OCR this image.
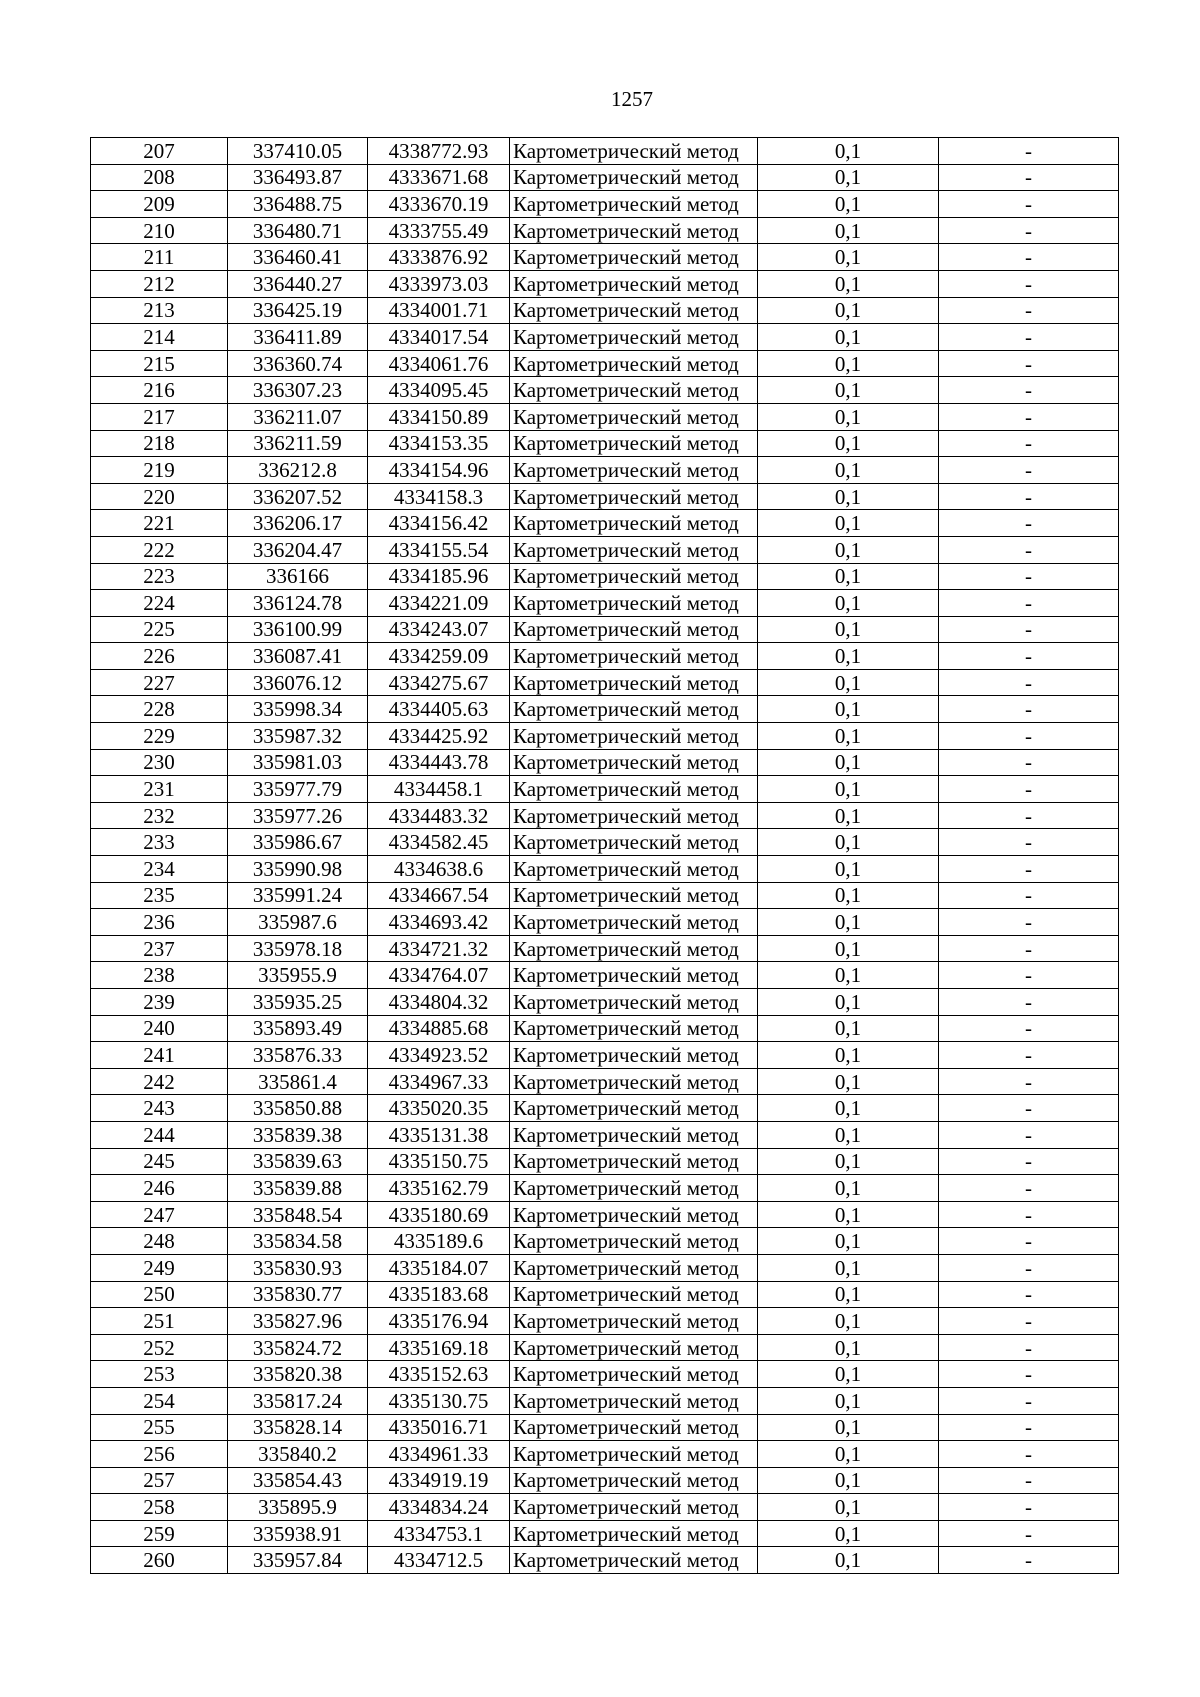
1257
207	337410.05	4338772.93	Картометрический метод	0,1	-
208	336493.87	4333671.68	Картометрический метод	0,1	-
209	336488.75	4333670.19	Картометрический метод	0,1	-
210	336480.71	4333755.49	Картометрический метод	0,1	-
211	336460.41	4333876.92	Картометрический метод	0,1	-
212	336440.27	4333973.03	Картометрический метод	0,1	-
213	336425.19	4334001.71	Картометрический метод	0,1	-
214	336411.89	4334017.54	Картометрический метод	0,1	-
215	336360.74	4334061.76	Картометрический метод	0,1	-
216	336307.23	4334095.45	Картометрический метод	0,1	-
217	336211.07	4334150.89	Картометрический метод	0,1	-
218	336211.59	4334153.35	Картометрический метод	0,1	-
219	336212.8	4334154.96	Картометрический метод	0,1	-
220	336207.52	4334158.3	Картометрический метод	0,1	-
221	336206.17	4334156.42	Картометрический метод	0,1	-
222	336204.47	4334155.54	Картометрический метод	0,1	-
223	336166	4334185.96	Картометрический метод	0,1	-
224	336124.78	4334221.09	Картометрический метод	0,1	-
225	336100.99	4334243.07	Картометрический метод	0,1	-
226	336087.41	4334259.09	Картометрический метод	0,1	-
227	336076.12	4334275.67	Картометрический метод	0,1	-
228	335998.34	4334405.63	Картометрический метод	0,1	-
229	335987.32	4334425.92	Картометрический метод	0,1	-
230	335981.03	4334443.78	Картометрический метод	0,1	-
231	335977.79	4334458.1	Картометрический метод	0,1	-
232	335977.26	4334483.32	Картометрический метод	0,1	-
233	335986.67	4334582.45	Картометрический метод	0,1	-
234	335990.98	4334638.6	Картометрический метод	0,1	-
235	335991.24	4334667.54	Картометрический метод	0,1	-
236	335987.6	4334693.42	Картометрический метод	0,1	-
237	335978.18	4334721.32	Картометрический метод	0,1	-
238	335955.9	4334764.07	Картометрический метод	0,1	-
239	335935.25	4334804.32	Картометрический метод	0,1	-
240	335893.49	4334885.68	Картометрический метод	0,1	-
241	335876.33	4334923.52	Картометрический метод	0,1	-
242	335861.4	4334967.33	Картометрический метод	0,1	-
243	335850.88	4335020.35	Картометрический метод	0,1	-
244	335839.38	4335131.38	Картометрический метод	0,1	-
245	335839.63	4335150.75	Картометрический метод	0,1	-
246	335839.88	4335162.79	Картометрический метод	0,1	-
247	335848.54	4335180.69	Картометрический метод	0,1	-
248	335834.58	4335189.6	Картометрический метод	0,1	-
249	335830.93	4335184.07	Картометрический метод	0,1	-
250	335830.77	4335183.68	Картометрический метод	0,1	-
251	335827.96	4335176.94	Картометрический метод	0,1	-
252	335824.72	4335169.18	Картометрический метод	0,1	-
253	335820.38	4335152.63	Картометрический метод	0,1	-
254	335817.24	4335130.75	Картометрический метод	0,1	-
255	335828.14	4335016.71	Картометрический метод	0,1	-
256	335840.2	4334961.33	Картометрический метод	0,1	-
257	335854.43	4334919.19	Картометрический метод	0,1	-
258	335895.9	4334834.24	Картометрический метод	0,1	-
259	335938.91	4334753.1	Картометрический метод	0,1	-
260	335957.84	4334712.5	Картометрический метод	0,1	-
